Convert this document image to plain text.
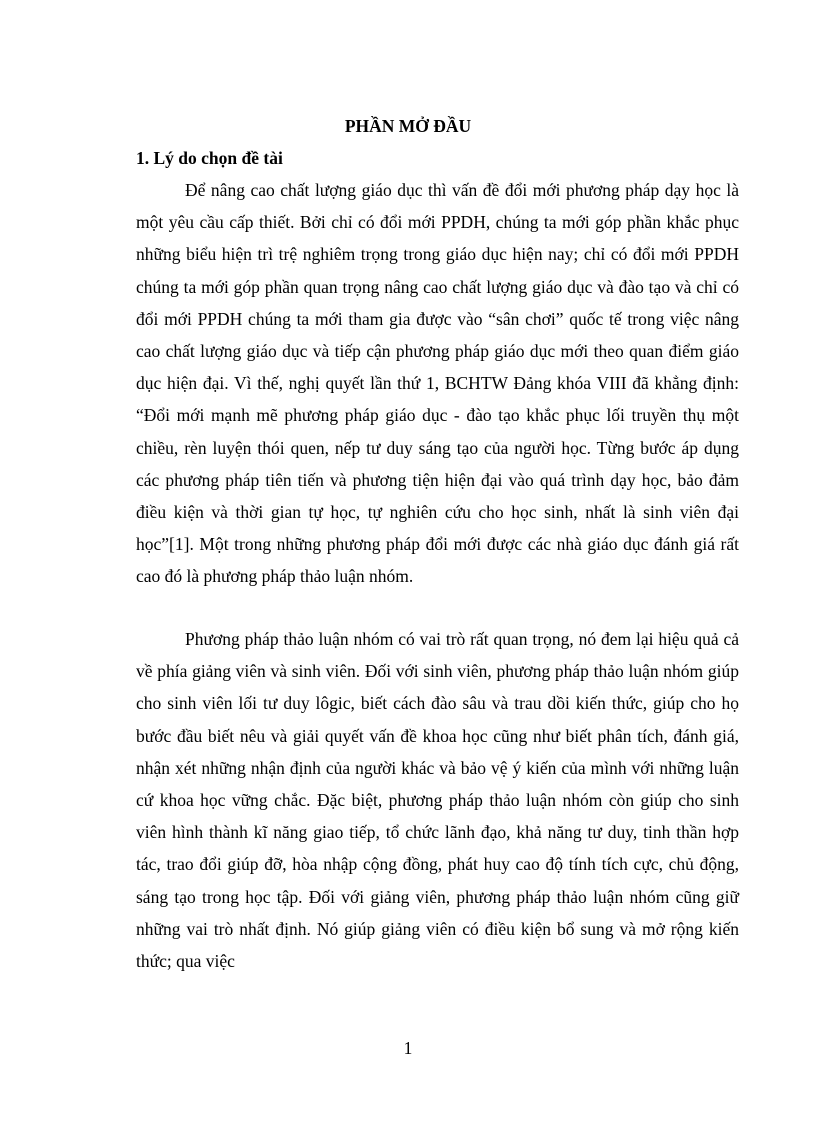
PHẦN MỞ ĐẦU
1. Lý do chọn đề tài

Để nâng cao chất lượng giáo dục thì vấn đề đổi mới phương pháp dạy học là một yêu cầu cấp thiết. Bởi chỉ có đổi mới PPDH, chúng ta mới góp phần khắc phục những biểu hiện trì trệ nghiêm trọng trong giáo dục hiện nay; chỉ có đổi mới PPDH chúng ta mới góp phần quan trọng nâng cao chất lượng giáo dục và đào tạo và chỉ có đổi mới PPDH chúng ta mới tham gia được vào “sân chơi” quốc tế trong việc nâng cao chất lượng giáo dục và tiếp cận phương pháp giáo dục mới theo quan điểm giáo dục hiện đại. Vì thế, nghị quyết lần thứ 1, BCHTW Đảng khóa VIII đã khẳng định: “Đổi mới mạnh mẽ phương pháp giáo dục - đào tạo khắc phục lối truyền thụ một chiều, rèn luyện thói quen, nếp tư duy sáng tạo của người học. Từng bước áp dụng các phương pháp tiên tiến và phương tiện hiện đại vào quá trình dạy học, bảo đảm điều kiện và thời gian tự học, tự nghiên cứu cho học sinh, nhất là sinh viên đại học”[1]. Một trong những phương pháp đổi mới được các nhà giáo dục đánh giá rất cao đó là phương pháp thảo luận nhóm.

Phương pháp thảo luận nhóm có vai trò rất quan trọng, nó đem lại hiệu quả cả về phía giảng viên và sinh viên. Đối với sinh viên, phương pháp thảo luận nhóm giúp cho sinh viên lối tư duy lôgic, biết cách đào sâu và trau dồi kiến thức, giúp cho họ bước đầu biết nêu và giải quyết vấn đề khoa học cũng như biết phân tích, đánh giá, nhận xét những nhận định của người khác và bảo vệ ý kiến của mình với những luận cứ khoa học vững chắc. Đặc biệt, phương pháp thảo luận nhóm còn giúp cho sinh viên hình thành kĩ năng giao tiếp, tổ chức lãnh đạo, khả năng tư duy, tinh thần hợp tác, trao đổi giúp đỡ, hòa nhập cộng đồng, phát huy cao độ tính tích cực, chủ động, sáng tạo trong học tập. Đối với giảng viên, phương pháp thảo luận nhóm cũng giữ những vai trò nhất định. Nó giúp giảng viên có điều kiện bổ sung và mở rộng kiến thức; qua việc

1
